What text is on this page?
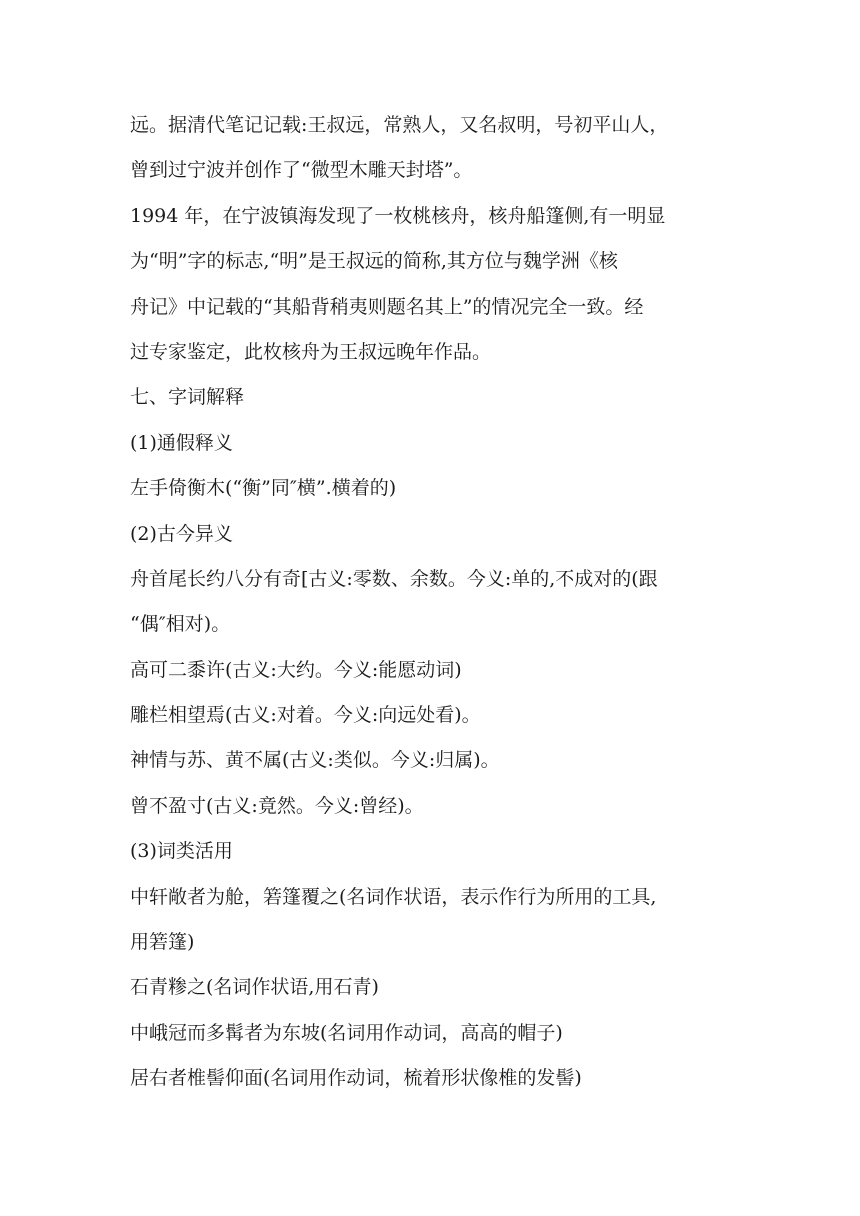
远。据清代笔记记载:王叔远，常熟人，又名叔明，号初平山人，
曾到过宁波并创作了“微型木雕天封塔”。
1994 年，在宁波镇海发现了一枚桃核舟，核舟船篷侧,有一明显
为“明”字的标志,“明”是王叔远的简称,其方位与魏学洲《核
舟记》中记载的“其船背稍夷则题名其上”的情况完全一致。经
过专家鉴定，此枚核舟为王叔远晚年作品。
七、字词解释
(1)通假释义
左手倚衡木(“衡”同″横”.横着的)
(2)古今异义
舟首尾长约八分有奇[古义:零数、余数。今义:单的,不成对的(跟
“偶″相对)。
高可二黍许(古义:大约。今义:能愿动词)
雕栏相望焉(古义:对着。今义:向远处看)。
神情与苏、黄不属(古义:类似。今义:归属)。
曾不盈寸(古义:竟然。今义:曾经)。
(3)词类活用
中轩敞者为舱，箬篷覆之(名词作状语，表示作行为所用的工具,
用箬篷)
石青糁之(名词作状语,用石青)
中峨冠而多髯者为东坡(名词用作动词，高高的帽子)
居右者椎髻仰面(名词用作动词，梳着形状像椎的发髻)
